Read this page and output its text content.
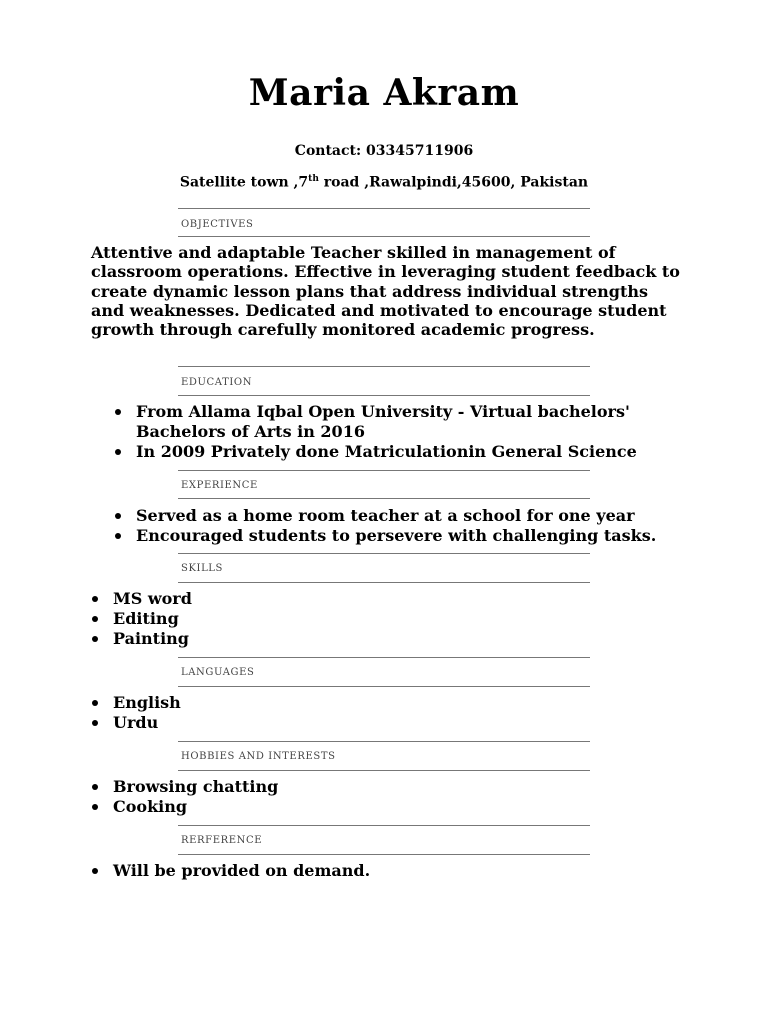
Maria Akram
Contact: 03345711906
Satellite town ,7th road ,Rawalpindi,45600, Pakistan
OBJECTIVES
Attentive and adaptable Teacher skilled in management of classroom operations. Effective in leveraging student feedback to create dynamic lesson plans that address individual strengths and weaknesses. Dedicated and motivated to encourage student growth through carefully monitored academic progress.
EDUCATION
From Allama Iqbal Open University - Virtual bachelors' Bachelors of Arts in 2016
In 2009 Privately done Matriculationin General Science
EXPERIENCE
Served as a home room teacher at a school for one year
Encouraged students to persevere with challenging tasks.
SKILLS
MS word
Editing
Painting
LANGUAGES
English
Urdu
HOBBIES AND INTERESTS
Browsing chatting
Cooking
RERFERENCE
Will be provided on demand.
